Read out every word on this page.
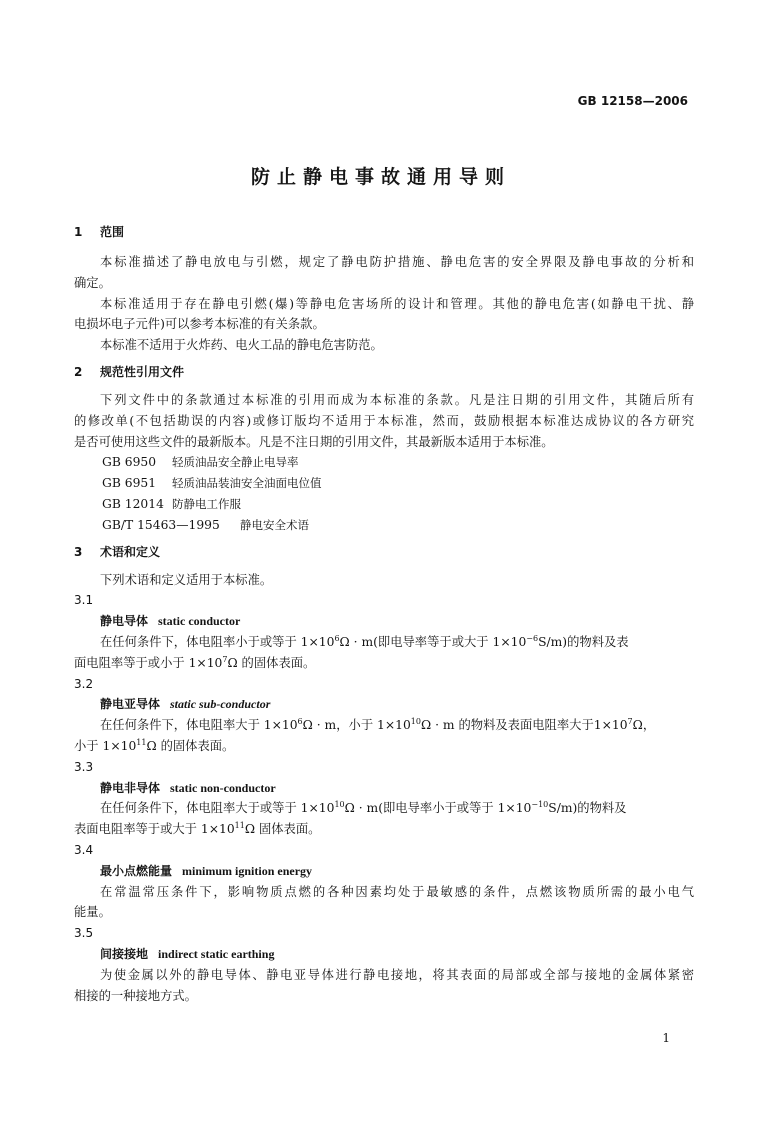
GB 12158—2006
防止静电事故通用导则
1 范围
本标准描述了静电放电与引燃，规定了静电防护措施、静电危害的安全界限及静电事故的分析和
确定。
本标准适用于存在静电引燃(爆)等静电危害场所的设计和管理。其他的静电危害(如静电干扰、静
电损坏电子元件)可以参考本标准的有关条款。
本标准不适用于火炸药、电火工品的静电危害防范。
2 规范性引用文件
下列文件中的条款通过本标准的引用而成为本标准的条款。凡是注日期的引用文件，其随后所有
的修改单(不包括勘误的内容)或修订版均不适用于本标准，然而，鼓励根据本标准达成协议的各方研究
是否可使用这些文件的最新版本。凡是不注日期的引用文件，其最新版本适用于本标准。
GB 6950 轻质油品安全静止电导率
GB 6951 轻质油品装油安全油面电位值
GB 12014 防静电工作服
GB/T 15463—1995 静电安全术语
3 术语和定义
下列术语和定义适用于本标准。
3.1
静电导体 static conductor
在任何条件下，体电阻率小于或等于 $1\times 10^6\Omega \cdot m$(即电导率等于或大于 $1\times 10^{-6}S/m$)的物料及表
面电阻率等于或小于 $1\times 10^7\Omega$ 的固体表面。
3.2
静电亚导体 static sub-conductor
在任何条件下，体电阻率大于 $1\times 10^6\Omega \cdot m$，小于 $1\times 10^{10}\Omega \cdot m$ 的物料及表面电阻率大于$1\times 10^7\Omega$，
小于 $1\times 10^{11}\Omega$ 的固体表面。
3.3
静电非导体 static non-conductor
在任何条件下，体电阻率大于或等于 $1\times 10^{10}\Omega \cdot m$(即电导率小于或等于 $1\times 10^{-10}S/m$)的物料及
表面电阻率等于或大于 $1\times 10^{11}\Omega$ 固体表面。
3.4
最小点燃能量 minimum ignition energy
在常温常压条件下，影响物质点燃的各种因素均处于最敏感的条件，点燃该物质所需的最小电气
能量。
3.5
间接接地 indirect static earthing
为使金属以外的静电导体、静电亚导体进行静电接地，将其表面的局部或全部与接地的金属体紧密
相接的一种接地方式。
1
